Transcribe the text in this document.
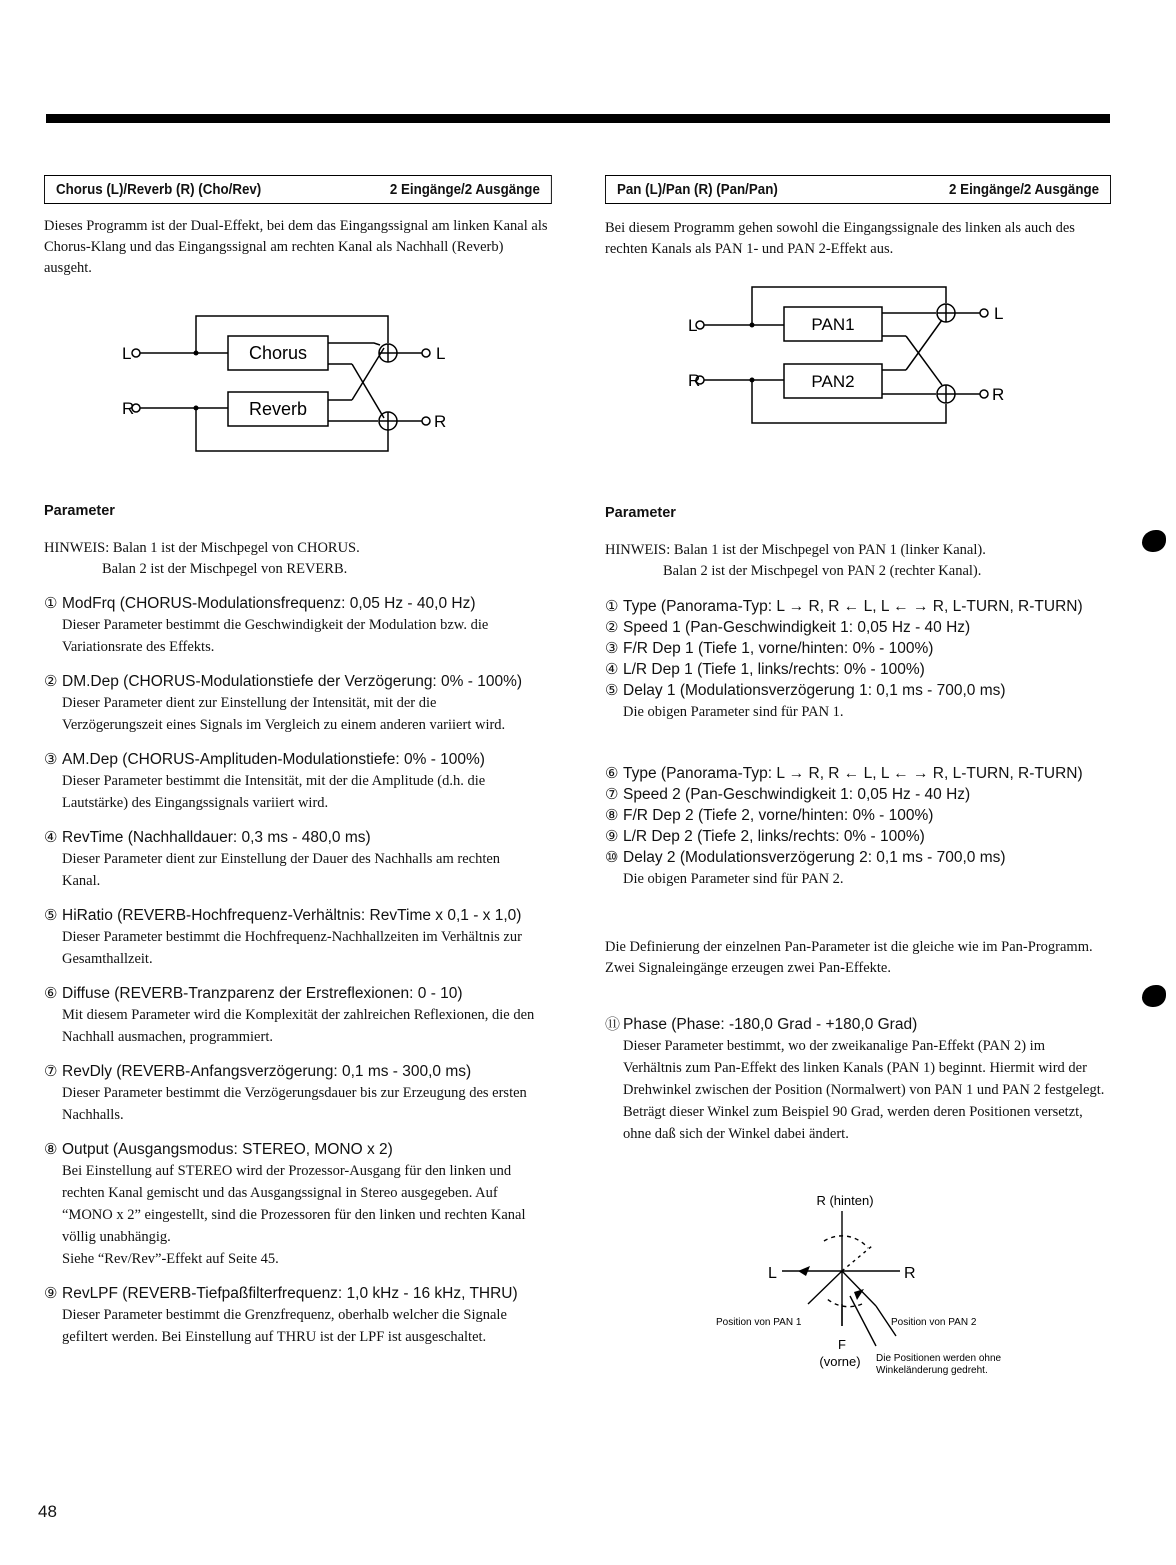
Chorus (L)/Reverb (R) (Cho/Rev)	2 Eingänge/2 Ausgänge	Pan (L)/Pan (R) (Pan/Pan)	2 Eingänge/2 Ausgänge
Dieses Programm ist der Dual-Effekt, bei dem das Eingangssignal am linken Kanal als Chorus-Klang und das Eingangssignal am rechten Kanal als Nachhall (Reverb) ausgeht.
Bei diesem Programm gehen sowohl die Eingangssignale des linken als auch des rechten Kanals als PAN 1- und PAN 2-Effekt aus.
L
R
L
R
Chorus
Reverb
L
R
L
R
PAN1
PAN2
Parameter	Parameter
HINWEIS: Balan 1 ist der Mischpegel von CHORUS.
Balan 2 ist der Mischpegel von REVERB.
HINWEIS: Balan 1 ist der Mischpegel von PAN 1 (linker Kanal).
Balan 2 ist der Mischpegel von PAN 2 (rechter Kanal).
① ModFrq (CHORUS-Modulationsfrequenz: 0,05 Hz - 40,0 Hz)
Dieser Parameter bestimmt die Geschwindigkeit der Modulation bzw. die Variationsrate des Effekts.
② DM.Dep (CHORUS-Modulationstiefe der Verzögerung: 0% - 100%)
Dieser Parameter dient zur Einstellung der Intensität, mit der die Verzögerungszeit eines Signals im Vergleich zu einem anderen variiert wird.
③ AM.Dep (CHORUS-Amplituden-Modulationstiefe: 0% - 100%)
Dieser Parameter bestimmt die Intensität, mit der die Amplitude (d.h. die Lautstärke) des Eingangssignals variiert wird.
④ RevTime (Nachhalldauer: 0,3 ms - 480,0 ms)
Dieser Parameter dient zur Einstellung der Dauer des Nachhalls am rechten Kanal.
⑤ HiRatio (REVERB-Hochfrequenz-Verhältnis: RevTime x 0,1 - x 1,0)
Dieser Parameter bestimmt die Hochfrequenz-Nachhallzeiten im Verhältnis zur Gesamthallzeit.
⑥ Diffuse (REVERB-Tranzparenz der Erstreflexionen: 0 - 10)
Mit diesem Parameter wird die Komplexität der zahlreichen Reflexionen, die den Nachhall ausmachen, programmiert.
⑦ RevDly (REVERB-Anfangsverzögerung: 0,1 ms - 300,0 ms)
Dieser Parameter bestimmt die Verzögerungsdauer bis zur Erzeugung des ersten Nachhalls.
⑧ Output (Ausgangsmodus: STEREO, MONO x 2)
Bei Einstellung auf STEREO wird der Prozessor-Ausgang für den linken und rechten Kanal gemischt und das Ausgangssignal in Stereo ausgegeben. Auf “MONO x 2” eingestellt, sind die Prozessoren für den linken und rechten Kanal völlig unabhängig.
Siehe “Rev/Rev”-Effekt auf Seite 45.
⑨ RevLPF (REVERB-Tiefpaßfilterfrequenz: 1,0 kHz - 16 kHz, THRU)
Dieser Parameter bestimmt die Grenzfrequenz, oberhalb welcher die Signale gefiltert werden. Bei Einstellung auf THRU ist der LPF ist ausgeschaltet.
① Type (Panorama-Typ: L → R, R ← L, L ← → R, L-TURN, R-TURN)
② Speed 1 (Pan-Geschwindigkeit 1: 0,05 Hz - 40 Hz)
③ F/R Dep 1 (Tiefe 1, vorne/hinten: 0% - 100%)
④ L/R Dep 1 (Tiefe 1, links/rechts: 0% - 100%)
⑤ Delay 1 (Modulationsverzögerung 1: 0,1 ms - 700,0 ms)
Die obigen Parameter sind für PAN 1.
⑥ Type (Panorama-Typ: L → R, R ← L, L ← → R, L-TURN, R-TURN)
⑦ Speed 2 (Pan-Geschwindigkeit 1: 0,05 Hz - 40 Hz)
⑧ F/R Dep 2 (Tiefe 2, vorne/hinten: 0% - 100%)
⑨ L/R Dep 2 (Tiefe 2, links/rechts: 0% - 100%)
⑩ Delay 2 (Modulationsverzögerung 2: 0,1 ms - 700,0 ms)
Die obigen Parameter sind für PAN 2.
Die Definierung der einzelnen Pan-Parameter ist die gleiche wie im Pan-Programm. Zwei Signaleingänge erzeugen zwei Pan-Effekte.
⑪ Phase (Phase: -180,0 Grad - +180,0 Grad)
Dieser Parameter bestimmt, wo der zweikanalige Pan-Effekt (PAN 2) im Verhältnis zum Pan-Effekt des linken Kanals (PAN 1) beginnt. Hiermit wird der Drehwinkel zwischen der Position (Normalwert) von PAN 1 und PAN 2 festgelegt. Beträgt dieser Winkel zum Beispiel 90 Grad, werden deren Positionen versetzt, ohne daß sich der Winkel dabei ändert.
R (hinten)
L	R
Position von PAN 1	Position von PAN 2
F
(vorne) Die Positionen werden ohne
Winkeländerung gedreht.
48
